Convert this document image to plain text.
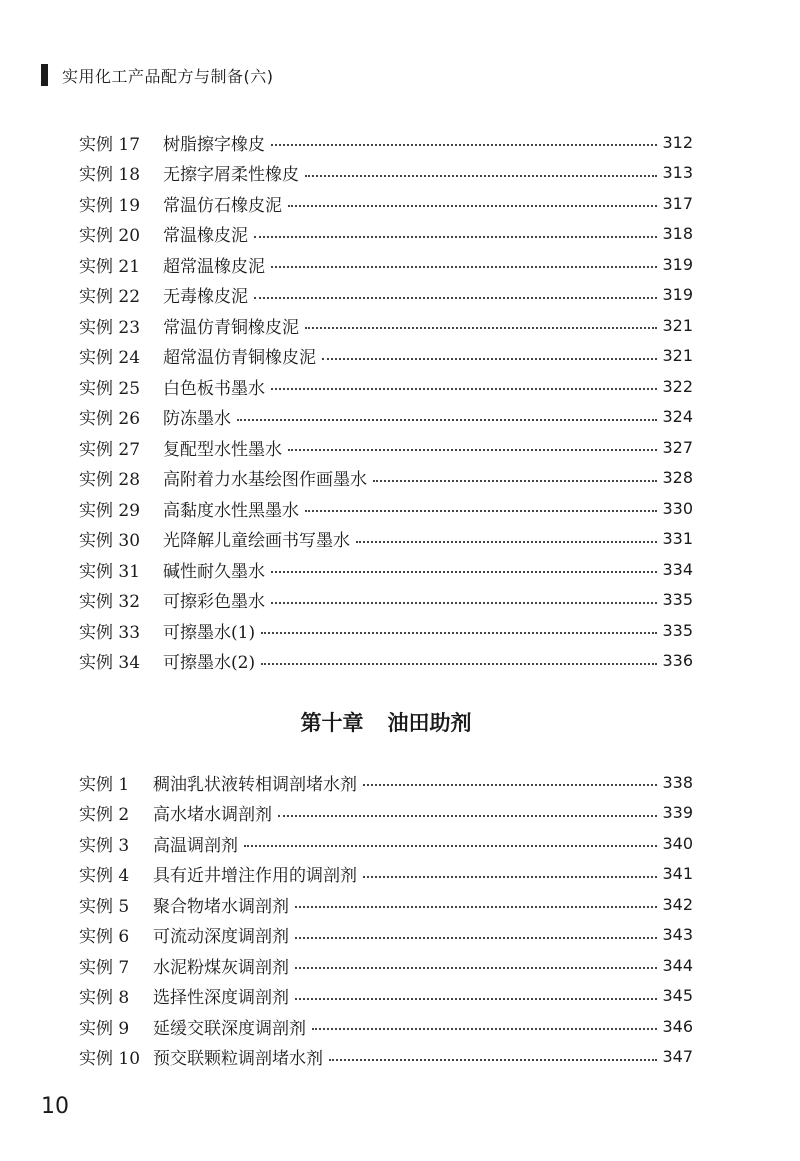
实用化工产品配方与制备(六)
实例 17	树脂擦字橡皮	312
实例 18	无擦字屑柔性橡皮	313
实例 19	常温仿石橡皮泥	317
实例 20	常温橡皮泥	318
实例 21	超常温橡皮泥	319
实例 22	无毒橡皮泥	319
实例 23	常温仿青铜橡皮泥	321
实例 24	超常温仿青铜橡皮泥	321
实例 25	白色板书墨水	322
实例 26	防冻墨水	324
实例 27	复配型水性墨水	327
实例 28	高附着力水基绘图作画墨水	328
实例 29	高黏度水性黑墨水	330
实例 30	光降解儿童绘画书写墨水	331
实例 31	碱性耐久墨水	334
实例 32	可擦彩色墨水	335
实例 33	可擦墨水(1)	335
实例 34	可擦墨水(2)	336
第十章 油田助剂
实例 1	稠油乳状液转相调剖堵水剂	338
实例 2	高水堵水调剖剂	339
实例 3	高温调剖剂	340
实例 4	具有近井增注作用的调剖剂	341
实例 5	聚合物堵水调剖剂	342
实例 6	可流动深度调剖剂	343
实例 7	水泥粉煤灰调剖剂	344
实例 8	选择性深度调剖剂	345
实例 9	延缓交联深度调剖剂	346
实例 10 预交联颗粒调剖堵水剂	347
10
